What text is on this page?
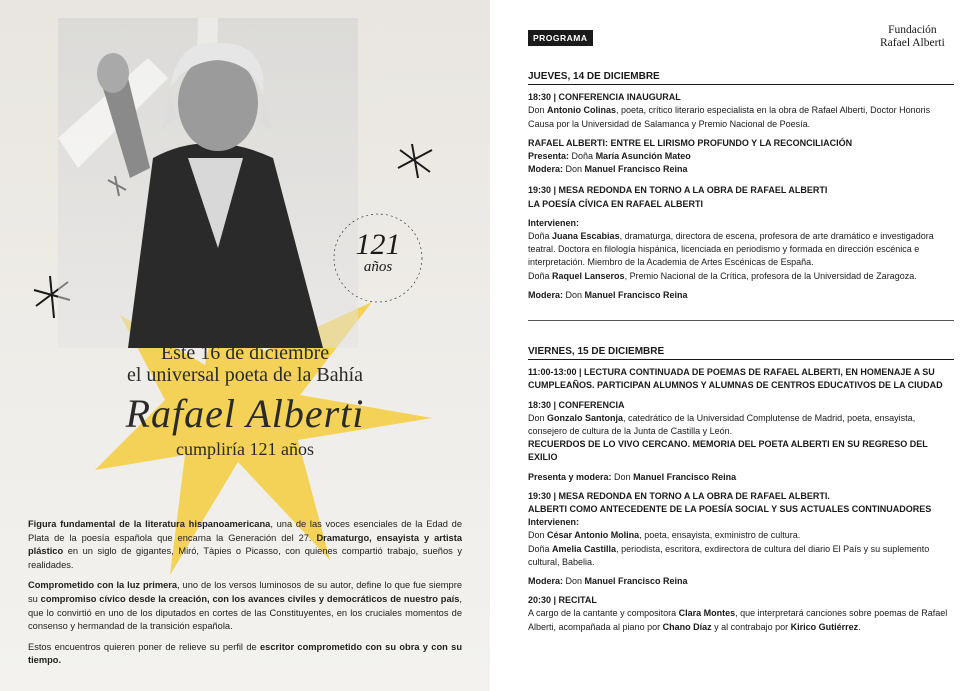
121
años
Este 16 de diciembre
el universal poeta de la Bahía
Rafael Alberti
cumpliría 121 años

Figura fundamental de la literatura hispanoamericana, una de las voces esenciales de la Edad de Plata de la poesía española que encarna la Generación del 27. Dramaturgo, ensayista y artista plástico en un siglo de gigantes, Miró, Tàpies o Picasso, con quienes compartió trabajo, sueños y realidades.

Comprometido con la luz primera, uno de los versos luminosos de su autor, define lo que fue siempre su compromiso cívico desde la creación, con los avances civiles y democráticos de nuestro país, que lo convirtió en uno de los diputados en cortes de las Constituyentes, en los cruciales momentos de consenso y hermandad de la transición española.

Estos encuentros quieren poner de relieve su perfil de escritor comprometido con su obra y con su tiempo.

PROGRAMA
Fundación
Rafael Alberti
JUEVES, 14 DE DICIEMBRE
18:30 | CONFERENCIA INAUGURAL
Don Antonio Colinas, poeta, crítico literario especialista en la obra de Rafael Alberti, Doctor Honoris Causa por la Universidad de Salamanca y Premio Nacional de Poesía.
RAFAEL ALBERTI: ENTRE EL LIRISMO PROFUNDO Y LA RECONCILIACIÓN
Presenta: Doña María Asunción Mateo
Modera: Don Manuel Francisco Reina
19:30 | MESA REDONDA EN TORNO A LA OBRA DE RAFAEL ALBERTI
LA POESÍA CÍVICA EN RAFAEL ALBERTI
Intervienen:
Doña Juana Escabias, dramaturga, directora de escena, profesora de arte dramático e investigadora teatral. Doctora en filología hispánica, licenciada en periodismo y formada en dirección escénica e interpretación. Miembro de la Academia de Artes Escénicas de España.
Doña Raquel Lanseros, Premio Nacional de la Crítica, profesora de la Universidad de Zaragoza.
Modera: Don Manuel Francisco Reina
VIERNES, 15 DE DICIEMBRE
11:00-13:00 | LECTURA CONTINUADA DE POEMAS DE RAFAEL ALBERTI, EN HOMENAJE A SU CUMPLEAÑOS. PARTICIPAN ALUMNOS Y ALUMNAS DE CENTROS EDUCATIVOS DE LA CIUDAD
18:30 | CONFERENCIA
Don Gonzalo Santonja, catedrático de la Universidad Complutense de Madrid, poeta, ensayista, consejero de cultura de la Junta de Castilla y León.
RECUERDOS DE LO VIVO CERCANO. MEMORIA DEL POETA ALBERTI EN SU REGRESO DEL EXILIO
Presenta y modera: Don Manuel Francisco Reina
19:30 | MESA REDONDA EN TORNO A LA OBRA DE RAFAEL ALBERTI.
ALBERTI COMO ANTECEDENTE DE LA POESÍA SOCIAL Y SUS ACTUALES CONTINUADORES
Intervienen:
Don César Antonio Molina, poeta, ensayista, exministro de cultura.
Doña Amelia Castilla, periodista, escritora, exdirectora de cultura del diario El País y su suplemento cultural, Babelia.
Modera: Don Manuel Francisco Reina
20:30 | RECITAL
A cargo de la cantante y compositora Clara Montes, que interpretará canciones sobre poemas de Rafael Alberti, acompañada al piano por Chano Díaz y al contrabajo por Kirico Gutiérrez.
